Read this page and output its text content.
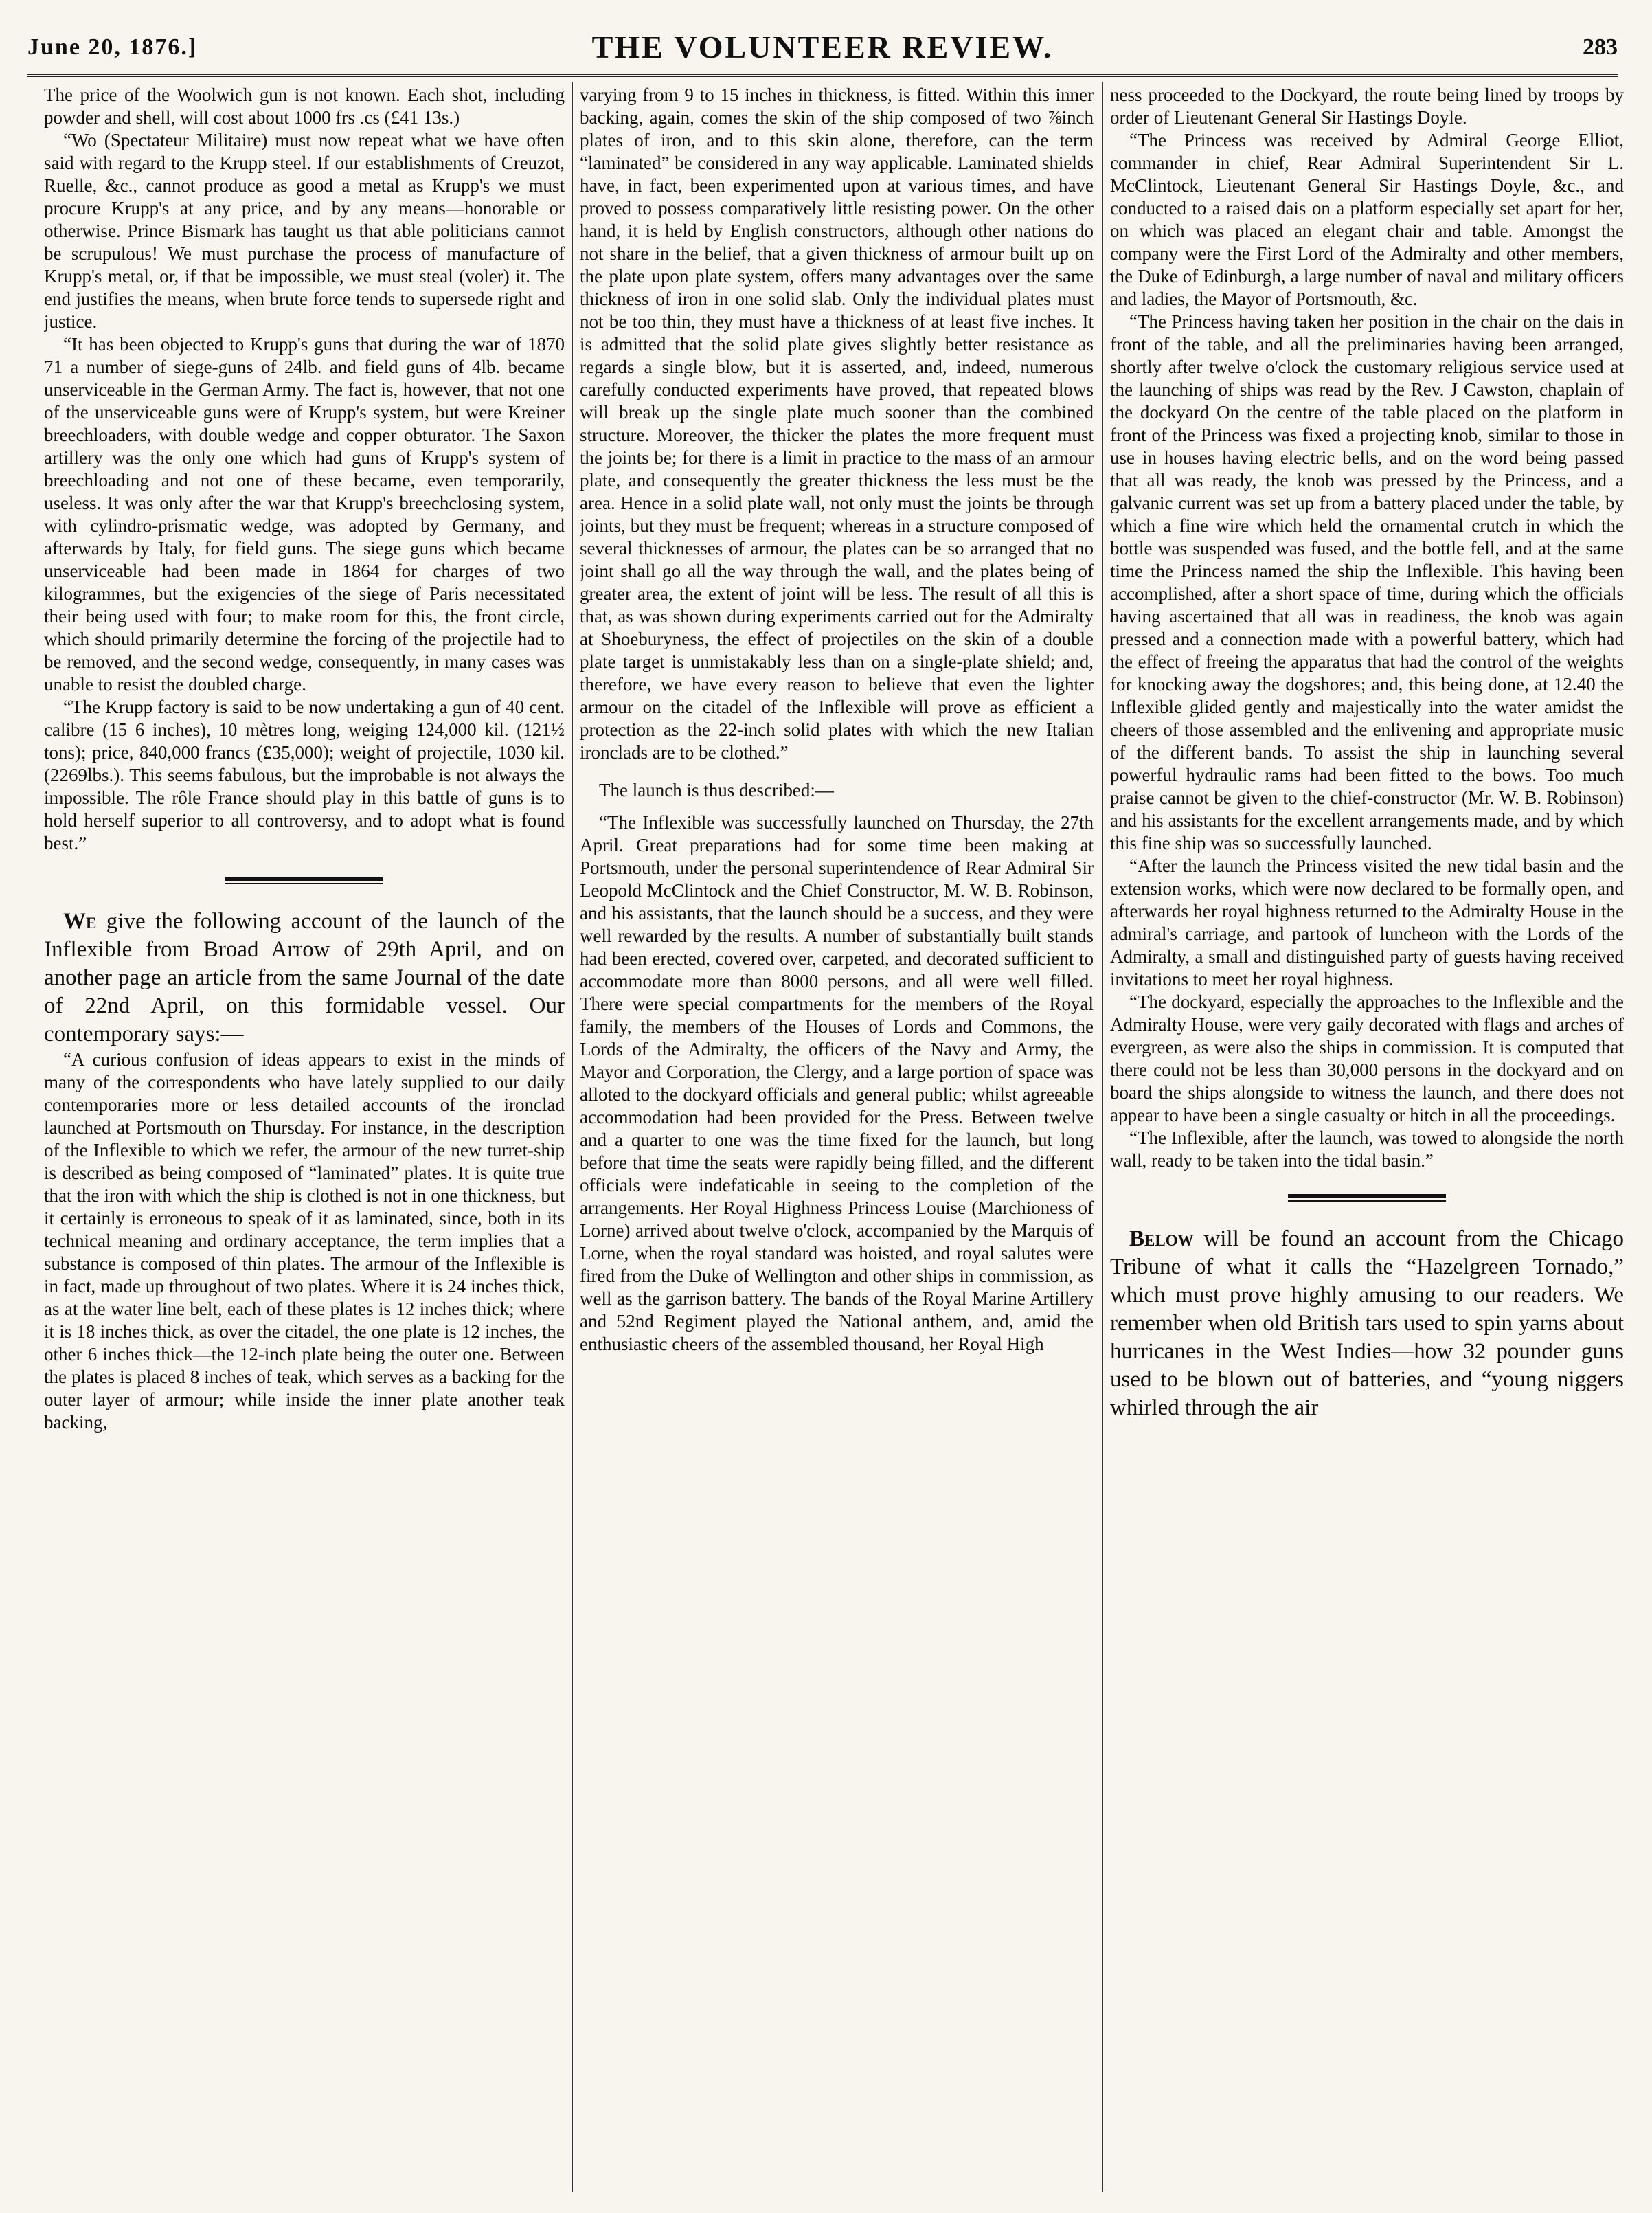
June 20, 1876.]	THE VOLUNTEER REVIEW.	283

The price of the Woolwich gun is not known. Each shot, including powder and shell, will cost about 1000 frs .cs (£41 13s.)

“Wo (Spectateur Militaire) must now repeat what we have often said with regard to the Krupp steel. If our establishments of Creuzot, Ruelle, &c., cannot produce as good a metal as Krupp's we must procure Krupp's at any price, and by any means—honorable or otherwise. Prince Bismark has taught us that able politicians cannot be scrupulous! We must purchase the process of manufacture of Krupp's metal, or, if that be impossible, we must steal (voler) it. The end justifies the means, when brute force tends to supersede right and justice.

“It has been objected to Krupp's guns that during the war of 1870 71 a number of siege-guns of 24lb. and field guns of 4lb. became unserviceable in the German Army. The fact is, however, that not one of the unserviceable guns were of Krupp's system, but were Kreiner breechloaders, with double wedge and copper obturator. The Saxon artillery was the only one which had guns of Krupp's system of breechloading and not one of these became, even temporarily, useless. It was only after the war that Krupp's breechclosing system, with cylindro-prismatic wedge, was adopted by Germany, and afterwards by Italy, for field guns. The siege guns which became unserviceable had been made in 1864 for charges of two kilogrammes, but the exigencies of the siege of Paris necessitated their being used with four; to make room for this, the front circle, which should primarily determine the forcing of the projectile had to be removed, and the second wedge, consequently, in many cases was unable to resist the doubled charge.

“The Krupp factory is said to be now undertaking a gun of 40 cent. calibre (15 6 inches), 10 mètres long, weiging 124,000 kil. (121½ tons); price, 840,000 francs (£35,000); weight of projectile, 1030 kil. (2269lbs.). This seems fabulous, but the improbable is not always the impossible. The rôle France should play in this battle of guns is to hold herself superior to all controversy, and to adopt what is found best.”

We give the following account of the launch of the Inflexible from Broad Arrow of 29th April, and on another page an article from the same Journal of the date of 22nd April, on this formidable vessel. Our contemporary says:—

“A curious confusion of ideas appears to exist in the minds of many of the correspondents who have lately supplied to our daily contemporaries more or less detailed accounts of the ironclad launched at Portsmouth on Thursday. For instance, in the description of the Inflexible to which we refer, the armour of the new turret-ship is described as being composed of “laminated” plates. It is quite true that the iron with which the ship is clothed is not in one thickness, but it certainly is erroneous to speak of it as laminated, since, both in its technical meaning and ordinary acceptance, the term implies that a substance is composed of thin plates. The armour of the Inflexible is in fact, made up throughout of two plates. Where it is 24 inches thick, as at the water line belt, each of these plates is 12 inches thick; where it is 18 inches thick, as over the citadel, the one plate is 12 inches, the other 6 inches thick—the 12-inch plate being the outer one. Between the plates is placed 8 inches of teak, which serves as a backing for the outer layer of armour; while inside the inner plate another teak backing,

varying from 9 to 15 inches in thickness, is fitted. Within this inner backing, again, comes the skin of the ship composed of two ⅞inch plates of iron, and to this skin alone, therefore, can the term “laminated” be considered in any way applicable. Laminated shields have, in fact, been experimented upon at various times, and have proved to possess comparatively little resisting power. On the other hand, it is held by English constructors, although other nations do not share in the belief, that a given thickness of armour built up on the plate upon plate system, offers many advantages over the same thickness of iron in one solid slab. Only the individual plates must not be too thin, they must have a thickness of at least five inches. It is admitted that the solid plate gives slightly better resistance as regards a single blow, but it is asserted, and, indeed, numerous carefully conducted experiments have proved, that repeated blows will break up the single plate much sooner than the combined structure. Moreover, the thicker the plates the more frequent must the joints be; for there is a limit in practice to the mass of an armour plate, and consequently the greater thickness the less must be the area. Hence in a solid plate wall, not only must the joints be through joints, but they must be frequent; whereas in a structure composed of several thicknesses of armour, the plates can be so arranged that no joint shall go all the way through the wall, and the plates being of greater area, the extent of joint will be less. The result of all this is that, as was shown during experiments carried out for the Admiralty at Shoeburyness, the effect of projectiles on the skin of a double plate target is unmistakably less than on a single-plate shield; and, therefore, we have every reason to believe that even the lighter armour on the citadel of the Inflexible will prove as efficient a protection as the 22-inch solid plates with which the new Italian ironclads are to be clothed.”

The launch is thus described:—

“The Inflexible was successfully launched on Thursday, the 27th April. Great preparations had for some time been making at Portsmouth, under the personal superintendence of Rear Admiral Sir Leopold McClintock and the Chief Constructor, M. W. B. Robinson, and his assistants, that the launch should be a success, and they were well rewarded by the results. A number of substantially built stands had been erected, covered over, carpeted, and decorated sufficient to accommodate more than 8000 persons, and all were well filled. There were special compartments for the members of the Royal family, the members of the Houses of Lords and Commons, the Lords of the Admiralty, the officers of the Navy and Army, the Mayor and Corporation, the Clergy, and a large portion of space was alloted to the dockyard officials and general public; whilst agreeable accommodation had been provided for the Press. Between twelve and a quarter to one was the time fixed for the launch, but long before that time the seats were rapidly being filled, and the different officials were indefaticable in seeing to the completion of the arrangements. Her Royal Highness Princess Louise (Marchioness of Lorne) arrived about twelve o'clock, accompanied by the Marquis of Lorne, when the royal standard was hoisted, and royal salutes were fired from the Duke of Wellington and other ships in commission, as well as the garrison battery. The bands of the Royal Marine Artillery and 52nd Regiment played the National anthem, and, amid the enthusiastic cheers of the assembled thousand, her Royal High

ness proceeded to the Dockyard, the route being lined by troops by order of Lieutenant General Sir Hastings Doyle.

“The Princess was received by Admiral George Elliot, commander in chief, Rear Admiral Superintendent Sir L. McClintock, Lieutenant General Sir Hastings Doyle, &c., and conducted to a raised dais on a platform especially set apart for her, on which was placed an elegant chair and table. Amongst the company were the First Lord of the Admiralty and other members, the Duke of Edinburgh, a large number of naval and military officers and ladies, the Mayor of Portsmouth, &c.

“The Princess having taken her position in the chair on the dais in front of the table, and all the preliminaries having been arranged, shortly after twelve o'clock the customary religious service used at the launching of ships was read by the Rev. J Cawston, chaplain of the dockyard On the centre of the table placed on the platform in front of the Princess was fixed a projecting knob, similar to those in use in houses having electric bells, and on the word being passed that all was ready, the knob was pressed by the Princess, and a galvanic current was set up from a battery placed under the table, by which a fine wire which held the ornamental crutch in which the bottle was suspended was fused, and the bottle fell, and at the same time the Princess named the ship the Inflexible. This having been accomplished, after a short space of time, during which the officials having ascertained that all was in readiness, the knob was again pressed and a connection made with a powerful battery, which had the effect of freeing the apparatus that had the control of the weights for knocking away the dogshores; and, this being done, at 12.40 the Inflexible glided gently and majestically into the water amidst the cheers of those assembled and the enlivening and appropriate music of the different bands. To assist the ship in launching several powerful hydraulic rams had been fitted to the bows. Too much praise cannot be given to the chief-constructor (Mr. W. B. Robinson) and his assistants for the excellent arrangements made, and by which this fine ship was so successfully launched.

“After the launch the Princess visited the new tidal basin and the extension works, which were now declared to be formally open, and afterwards her royal highness returned to the Admiralty House in the admiral's carriage, and partook of luncheon with the Lords of the Admiralty, a small and distinguished party of guests having received invitations to meet her royal highness.

“The dockyard, especially the approaches to the Inflexible and the Admiralty House, were very gaily decorated with flags and arches of evergreen, as were also the ships in commission. It is computed that there could not be less than 30,000 persons in the dockyard and on board the ships alongside to witness the launch, and there does not appear to have been a single casualty or hitch in all the proceedings.

“The Inflexible, after the launch, was towed to alongside the north wall, ready to be taken into the tidal basin.”

Below will be found an account from the Chicago Tribune of what it calls the “Hazelgreen Tornado,” which must prove highly amusing to our readers. We remember when old British tars used to spin yarns about hurricanes in the West Indies—how 32 pounder guns used to be blown out of batteries, and “young niggers whirled through the air
